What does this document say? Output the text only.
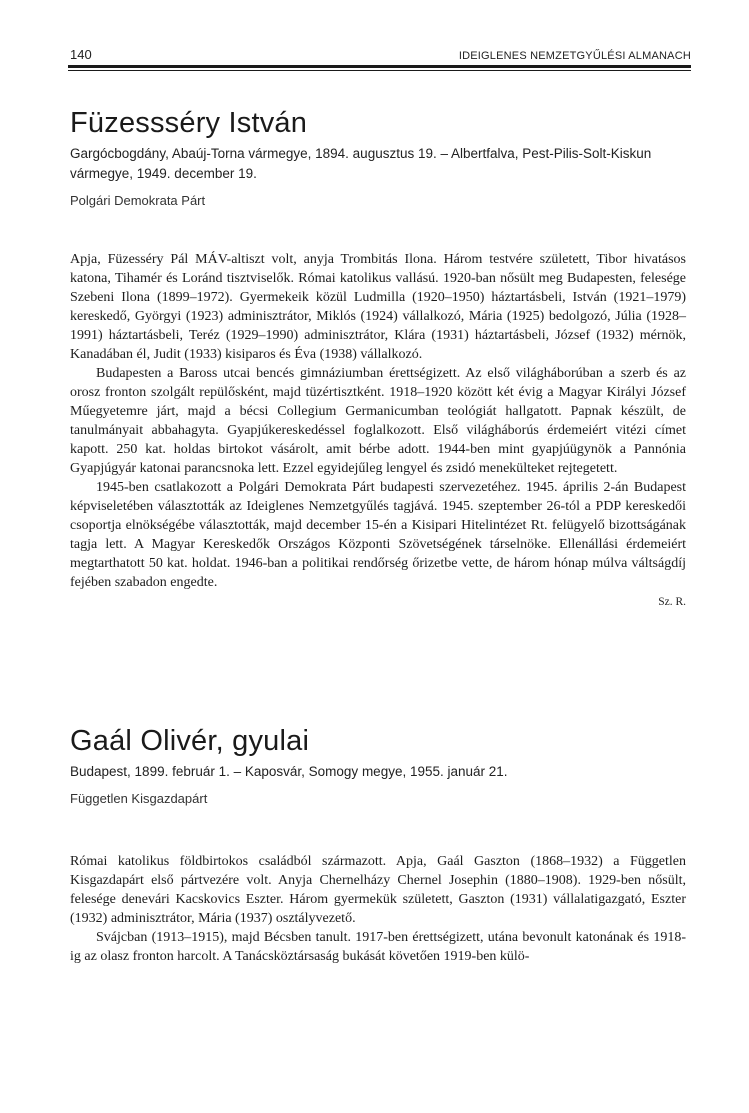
140	IDEIGLENES NEMZETGYŰLÉSI ALMANACH
Füzessséry István

Gargócbogdány, Abaúj-Torna vármegye, 1894. augusztus 19. – Albertfalva, Pest-Pilis-Solt-Kiskun vármegye, 1949. december 19.

Polgári Demokrata Párt

Apja, Füzesséry Pál MÁV-altiszt volt, anyja Trombitás Ilona. Három testvére született, Tibor hivatásos katona, Tihamér és Loránd tisztviselők. Római katolikus vallású. 1920-ban nősült meg Budapesten, felesége Szebeni Ilona (1899–1972). Gyermekeik közül Ludmilla (1920–1950) háztartásbeli, István (1921–1979) kereskedő, Györgyi (1923) adminisztrátor, Miklós (1924) vállalkozó, Mária (1925) bedolgozó, Júlia (1928–1991) háztartásbeli, Teréz (1929–1990) adminisztrátor, Klára (1931) háztartásbeli, József (1932) mérnök, Kanadában él, Judit (1933) kisiparos és Éva (1938) vállalkozó.

Budapesten a Baross utcai bencés gimnáziumban érettségizett. Az első világháborúban a szerb és az orosz fronton szolgált repülősként, majd tüzértisztként. 1918–1920 között két évig a Magyar Királyi József Műegyetemre járt, majd a bécsi Collegium Germanicumban teológiát hallgatott. Papnak készült, de tanulmányait abbahagyta. Gyapjúkereskedéssel foglalkozott. Első világháborús érdemeiért vitézi címet kapott. 250 kat. holdas birtokot vásárolt, amit bérbe adott. 1944-ben mint gyapjúügynök a Pannónia Gyapjúgyár katonai parancsnoka lett. Ezzel egyidejűleg lengyel és zsidó menekülteket rejtegetett.

1945-ben csatlakozott a Polgári Demokrata Párt budapesti szervezetéhez. 1945. április 2-án Budapest képviseletében választották az Ideiglenes Nemzetgyűlés tagjává. 1945. szeptember 26-tól a PDP kereskedői csoportja elnökségébe választották, majd december 15-én a Kisipari Hitelintézet Rt. felügyelő bizottságának tagja lett. A Magyar Kereskedők Országos Központi Szövetségének társelnöke. Ellenállási érdemeiért megtarthatott 50 kat. holdat. 1946-ban a politikai rendőrség őrizetbe vette, de három hónap múlva váltságdíj fejében szabadon engedte.

Sz. R.
Gaál Olivér, gyulai

Budapest, 1899. február 1. – Kaposvár, Somogy megye, 1955. január 21.

Független Kisgazdapárt

Római katolikus földbirtokos családból származott. Apja, Gaál Gaszton (1868–1932) a Független Kisgazdapárt első pártvezére volt. Anyja Chernelházy Chernel Josephin (1880–1908). 1929-ben nősült, felesége denevári Kacskovics Eszter. Három gyermekük született, Gaszton (1931) vállalatigazgató, Eszter (1932) adminisztrátor, Mária (1937) osztályvezető.

Svájcban (1913–1915), majd Bécsben tanult. 1917-ben érettségizett, utána bevonult katonának és 1918-ig az olasz fronton harcolt. A Tanácsköztársaság bukását követően 1919-ben külö-
